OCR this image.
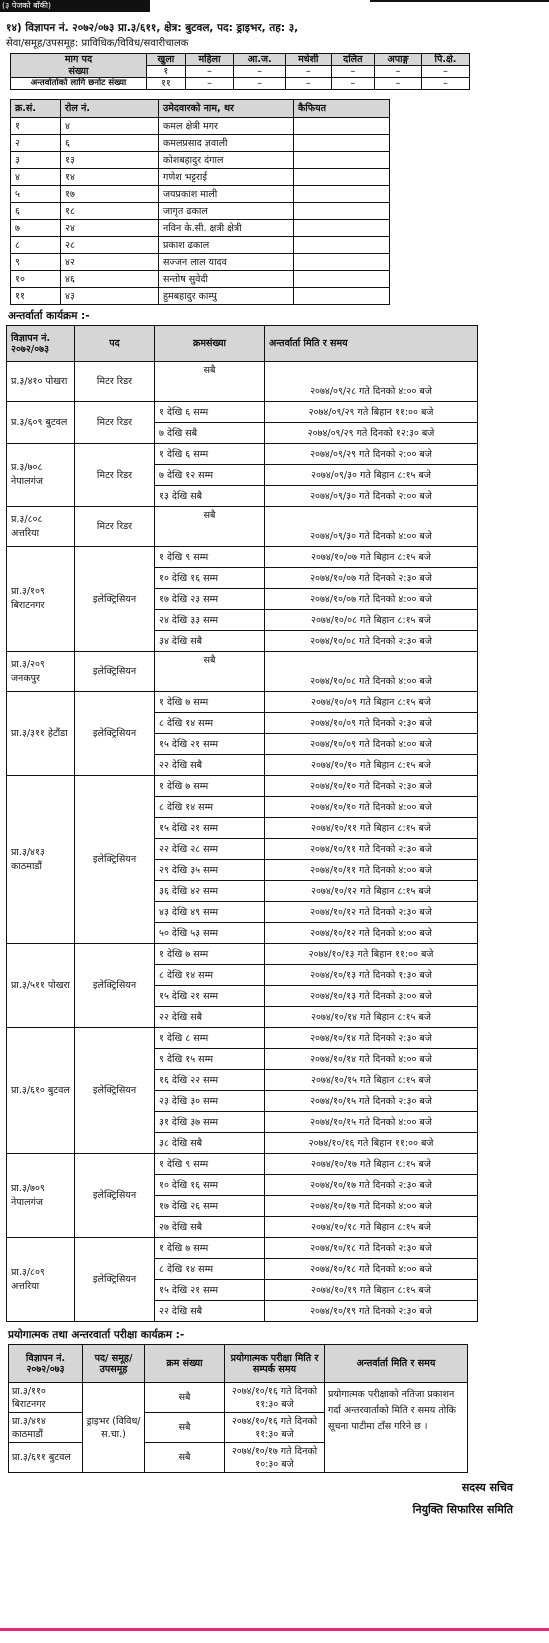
(३ पेजको बाँकी)
१४) विज्ञापन नं. २०७२/०७३ प्रा.३/६११, क्षेत्र: बुटवल, पद: ड्राइभर, तह: ३,
सेवा/समूह/उपसमूह: प्राविधिक/विविध/सवारीचालक
माग पद	खुला	महिला	आ.ज.	मधेशी	दलित	अपाङ्ग	पि.क्षे.
संख्या	१	–	–	–	–	–	–
अन्तर्वार्ताको लागि छनोट संख्या	११	–	–	–	–	–	–
क्र.सं.	रोल नं.	उमेदवारको नाम, थर	कैफियत
१	४	कमल क्षेत्री मगर	
२	६	कमलप्रसाद ज्ञवाली	
३	१३	कोशबहादुर दंगाल	
४	१४	गणेश भट्टराई	
५	१७	जयप्रकाश माली	
६	१८	जागृत ढकाल	
७	२४	नविन के.सी. क्षत्री क्षेत्री	
८	२८	प्रकाश ढकाल	
९	४२	सज्जन लाल यादव	
१०	४६	सन्तोष सुवेदी	
११	४३	हुमबहादुर काम्पु	
अन्तर्वार्ता कार्यक्रम :-
विज्ञापन नं. २०७२/०७३	पद	क्रमसंख्या	अन्तर्वार्ता मिति र समय
प्र.३/४१० पोखरा	मिटर रिडर	सबै	२०७४/०९/२८ गते दिनको ४:०० बजे
प्र.३/६०९ बुटवल	मिटर रिडर	१ देखि ६ सम्म	२०७४/०९/२९ गते बिहान ११:०० बजे
		७ देखि सबै	२०७४/०९/२९ गते दिनको १२:३० बजे
प्र.३/७०८ नेपालगंज	मिटर रिडर	१ देखि ६ सम्म	२०७४/०९/२९ गते दिनको २:०० बजे
		७ देखि १२ सम्म	२०७४/०९/३० गते बिहान ८:१५ बजे
		१३ देखि सबै	२०७४/०९/३० गते दिनको २:०० बजे
प्र.३/८०८ अत्तरिया	मिटर रिडर	सबै	२०७४/०९/३० गते दिनको ४:०० बजे
प्रा.३/१०९ बिराटनगर	इलेक्ट्रिसियन	१ देखि ९ सम्म	२०७४/१०/०७ गते बिहान ८:१५ बजे
		१० देखि १६ सम्म	२०७४/१०/०७ गते दिनको २:३० बजे
		१७ देखि २३ सम्म	२०७४/१०/०७ गते दिनको ४:०० बजे
		२४ देखि ३३ सम्म	२०७४/१०/०८ गते बिहान ८:१५ बजे
		३४ देखि सबै	२०७४/१०/०८ गते दिनको २:३० बजे
प्रा.३/२०९ जनकपुर	इलेक्ट्रिसियन	सबै	२०७४/१०/०८ गते दिनको ४:०० बजे
प्रा.३/३११ हेटौंडा	इलेक्ट्रिसियन	१ देखि ७ सम्म	२०७४/१०/०९ गते बिहान ८:१५ बजे
		८ देखि १४ सम्म	२०७४/१०/०९ गते दिनको २:३० बजे
		१५ देखि २१ सम्म	२०७४/१०/०९ गते दिनको ४:०० बजे
		२२ देखि सबै	२०७४/१०/१० गते बिहान ८:१५ बजे
प्रा.३/४१३ काठमाडौं	इलेक्ट्रिसियन	१ देखि ७ सम्म	२०७४/१०/१० गते दिनको २:३० बजे
		८ देखि १४ सम्म	२०७४/१०/१० गते दिनको ४:०० बजे
		१५ देखि २१ सम्म	२०७४/१०/११ गते बिहान ८:१५ बजे
		२२ देखि २८ सम्म	२०७४/१०/११ गते दिनको २:३० बजे
		२९ देखि ३५ सम्म	२०७४/१०/११ गते दिनको ४:०० बजे
		३६ देखि ४२ सम्म	२०७४/१०/१२ गते बिहान ८:१५ बजे
		४३ देखि ४९ सम्म	२०७४/१०/१२ गते दिनको २:३० बजे
		५० देखि ५३ सम्म	२०७४/१०/१२ गते दिनको ४:०० बजे
प्रा.३/५११ पोखरा	इलेक्ट्रिसियन	१ देखि ७ सम्म	२०७४/१०/१३ गते बिहान ११:०० बजे
		८ देखि १४ सम्म	२०७४/१०/१३ गते दिनको १:३० बजे
		१५ देखि २१ सम्म	२०७४/१०/१३ गते दिनको ३:०० बजे
		२२ देखि सबै	२०७४/१०/१४ गते बिहान ८:१५ बजे
प्रा.३/६१० बुटवल	इलेक्ट्रिसियन	१ देखि ८ सम्म	२०७४/१०/१४ गते दिनको २:३० बजे
		९ देखि १५ सम्म	२०७४/१०/१४ गते दिनको ४:०० बजे
		१६ देखि २२ सम्म	२०७४/१०/१५ गते बिहान ८:१५ बजे
		२३ देखि ३० सम्म	२०७४/१०/१५ गते दिनको २:३० बजे
		३१ देखि ३७ सम्म	२०७४/१०/१५ गते दिनको ४:०० बजे
		३८ देखि सबै	२०७४/१०/१६ गते बिहान ११:०० बजे
प्रा.३/७०९ नेपालगंज	इलेक्ट्रिसियन	१ देखि ९ सम्म	२०७४/१०/१७ गते बिहान ८:१५ बजे
		१० देखि १६ सम्म	२०७४/१०/१७ गते दिनको २:३० बजे
		१७ देखि २६ सम्म	२०७४/१०/१७ गते दिनको ४:०० बजे
		२७ देखि सबै	२०७४/१०/१८ गते बिहान ८:१५ बजे
प्रा.३/८०९ अत्तरिया	इलेक्ट्रिसियन	१ देखि ७ सम्म	२०७४/१०/१८ गते दिनको २:३० बजे
		८ देखि १४ सम्म	२०७४/१०/१८ गते दिनको ४:०० बजे
		१५ देखि २१ सम्म	२०७४/१०/१९ गते बिहान ८:१५ बजे
		२२ देखि सबै	२०७४/१०/१९ गते दिनको २:३० बजे
प्रयोगात्मक तथा अन्तरवार्ता परीक्षा कार्यक्रम :-
विज्ञापन नं. २०७२/०७३	पद/ समूह/ उपसमूह	क्रम संख्या	प्रयोगात्मक परीक्षा मिति र सम्पर्क समय	अन्तर्वार्ता मिति र समय
प्रा.३/११० बिराटनगर	ड्राइभर (विविध/ स.चा.)	सबै	२०७४/१०/१६ गते दिनको ११:३० बजे	प्रयोगात्मक परीक्षाको नतिजा प्रकाशन गर्दा अन्तरवार्ताको मिति र समय तोकि सूचना पाटीमा टाँस गरिने छ ।
प्रा.३/४१४ काठमाडौं		सबै	२०७४/१०/१६ गते दिनको ११:३० बजे	
प्रा.३/६११ बुटवल		सबै	२०७४/१०/१७ गते दिनको १०:३० बजे	
सदस्य सचिव
नियुक्ति सिफारिस समिति
